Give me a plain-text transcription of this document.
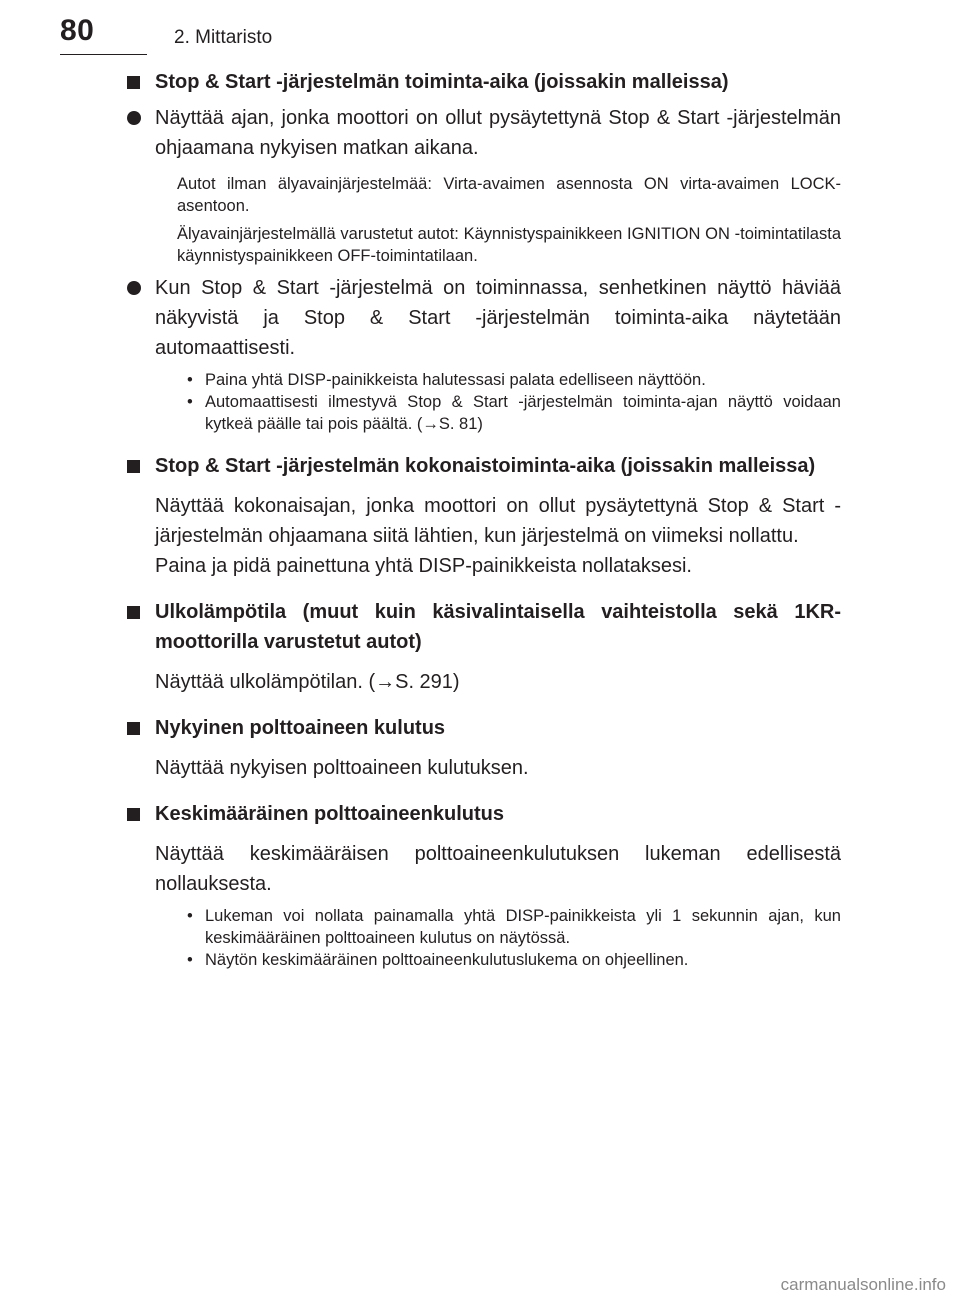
80	2. Mittaristo

Stop & Start -järjestelmän toiminta-aika (joissakin malleissa)

Näyttää ajan, jonka moottori on ollut pysäytettynä Stop & Start -järjestelmän ohjaamana nykyisen matkan aikana.

Autot ilman älyavainjärjestelmää: Virta-avaimen asennosta ON virta-avaimen LOCK-asentoon.

Älyavainjärjestelmällä varustetut autot: Käynnistyspainikkeen IGNITION ON -toimintatilasta käynnistyspainikkeen OFF-toimintatilaan.

Kun Stop & Start -järjestelmä on toiminnassa, senhetkinen näyttö häviää näkyvistä ja Stop & Start -järjestelmän toiminta-aika näytetään automaattisesti.

• Paina yhtä DISP-painikkeista halutessasi palata edelliseen näyttöön.

• Automaattisesti ilmestyvä Stop & Start -järjestelmän toiminta-ajan näyttö voidaan kytkeä päälle tai pois päältä. (→S. 81)

Stop & Start -järjestelmän kokonaistoiminta-aika (joissakin malleissa)

Näyttää kokonaisajan, jonka moottori on ollut pysäytettynä Stop & Start -järjestelmän ohjaamana siitä lähtien, kun järjestelmä on viimeksi nollattu.

Paina ja pidä painettuna yhtä DISP-painikkeista nollataksesi.

Ulkolämpötila (muut kuin käsivalintaisella vaihteistolla sekä 1KR-moottorilla varustetut autot)

Näyttää ulkolämpötilan. (→S. 291)

Nykyinen polttoaineen kulutus

Näyttää nykyisen polttoaineen kulutuksen.

Keskimääräinen polttoaineenkulutus

Näyttää keskimääräisen polttoaineenkulutuksen lukeman edellisestä nollauksesta.

• Lukeman voi nollata painamalla yhtä DISP-painikkeista yli 1 sekunnin ajan, kun keskimääräinen polttoaineen kulutus on näytössä.

• Näytön keskimääräinen polttoaineenkulutuslukema on ohjeellinen.

carmanualsonline.info
